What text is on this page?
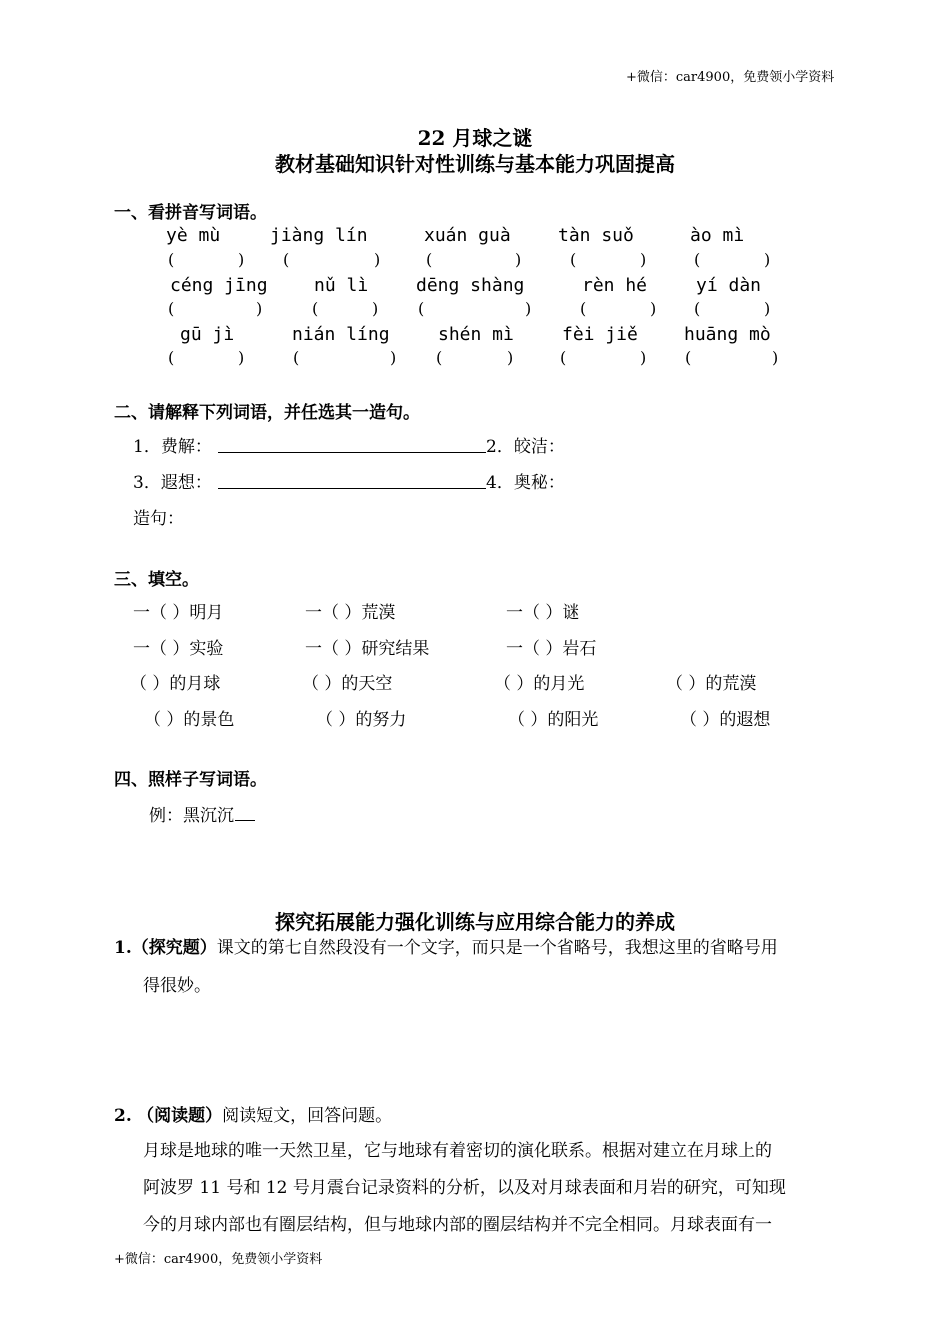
+微信：car4900，免费领小学资料
22 月球之谜
教材基础知识针对性训练与基本能力巩固提高
一、看拼音写词语。
yè mù	jiàng lín	xuán guà	tàn suǒ	ào mì
(	) (	)	(	)	(	)	(	)
céng jīng	nǔ lì	dēng shàng	rèn hé	yí dàn
(	)	(	) (	)	(	) (	)
gū jì	nián líng	shén mì	fèi jiě	huāng mò
(	)	(	) (	)	(	) (	)
二、请解释下列词语，并任选其一造句。
1．费解：	2．皎洁：
3．遐想：	4．奥秘：
造句：
三、填空。
一（ ）明月	一（ ）荒漠	一（ ）谜
一（ ）实验	一（ ）研究结果	一（ ）岩石
（ ）的月球	（ ）的天空	（ ）的月光	（ ）的荒漠
（ ）的景色	（ ）的努力	（ ）的阳光	（ ）的遐想
四、照样子写词语。
例：黑沉沉
探究拓展能力强化训练与应用综合能力的养成
1.（探究题）课文的第七自然段没有一个文字，而只是一个省略号，我想这里的省略号用
得很妙。
2. （阅读题）阅读短文，回答问题。
月球是地球的唯一天然卫星，它与地球有着密切的演化联系。根据对建立在月球上的
阿波罗 11 号和 12 号月震台记录资料的分析，以及对月球表面和月岩的研究，可知现
今的月球内部也有圈层结构，但与地球内部的圈层结构并不完全相同。月球表面有一
+微信：car4900，免费领小学资料
